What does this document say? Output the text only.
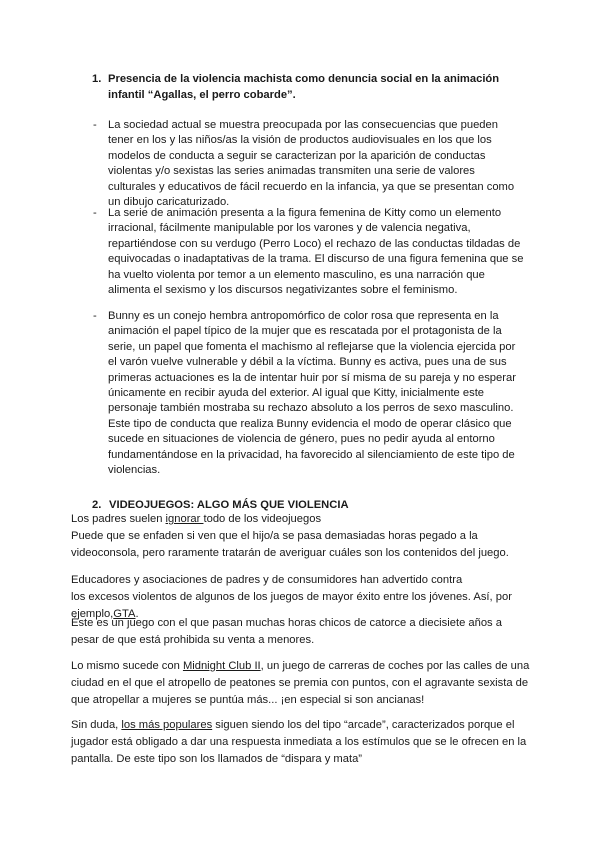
1. Presencia de la violencia machista como denuncia social en la animación infantil “Agallas, el perro cobarde”.
- La sociedad actual se muestra preocupada por las consecuencias que pueden tener en los y las niños/as la visión de productos audiovisuales en los que los modelos de conducta a seguir se caracterizan por la aparición de conductas violentas y/o sexistas las series animadas transmiten una serie de valores culturales y educativos de fácil recuerdo en la infancia, ya que se presentan como un dibujo caricaturizado.
- La serie de animación presenta a la figura femenina de Kitty como un elemento irracional, fácilmente manipulable por los varones y de valencia negativa, repartiéndose con su verdugo (Perro Loco) el rechazo de las conductas tildadas de equivocadas o inadaptativas de la trama. El discurso de una figura femenina que se ha vuelto violenta por temor a un elemento masculino, es una narración que alimenta el sexismo y los discursos negativizantes sobre el feminismo.
- Bunny es un conejo hembra antropomórfico de color rosa que representa en la animación el papel típico de la mujer que es rescatada por el protagonista de la serie, un papel que fomenta el machismo al reflejarse que la violencia ejercida por el varón vuelve vulnerable y débil a la víctima. Bunny es activa, pues una de sus primeras actuaciones es la de intentar huir por sí misma de su pareja y no esperar únicamente en recibir ayuda del exterior. Al igual que Kitty, inicialmente este personaje también mostraba su rechazo absoluto a los perros de sexo masculino. Este tipo de conducta que realiza Bunny evidencia el modo de operar clásico que sucede en situaciones de violencia de género, pues no pedir ayuda al entorno fundamentándose en la privacidad, ha favorecido al silenciamiento de este tipo de violencias.
2. VIDEOJUEGOS: ALGO MÁS QUE VIOLENCIA
Los padres suelen ignorar todo de los videojuegos
Puede que se enfaden si ven que el hijo/a se pasa demasiadas horas pegado a la videoconsola, pero raramente tratarán de averiguar cuáles son los contenidos del juego.
Educadores y asociaciones de padres y de consumidores han advertido contra
los excesos violentos de algunos de los juegos de mayor éxito entre los jóvenes. Así, por ejemplo,GTA.
Éste es un juego con el que pasan muchas horas chicos de catorce a diecisiete años a pesar de que está prohibida su venta a menores.
Lo mismo sucede con Midnight Club II, un juego de carreras de coches por las calles de una ciudad en el que el atropello de peatones se premia con puntos, con el agravante sexista de que atropellar a mujeres se puntúa más... ¡en especial si son ancianas!
Sin duda, los más populares siguen siendo los del tipo “arcade”, caracterizados porque el jugador está obligado a dar una respuesta inmediata a los estímulos que se le ofrecen en la pantalla. De este tipo son los llamados de “dispara y mata”
